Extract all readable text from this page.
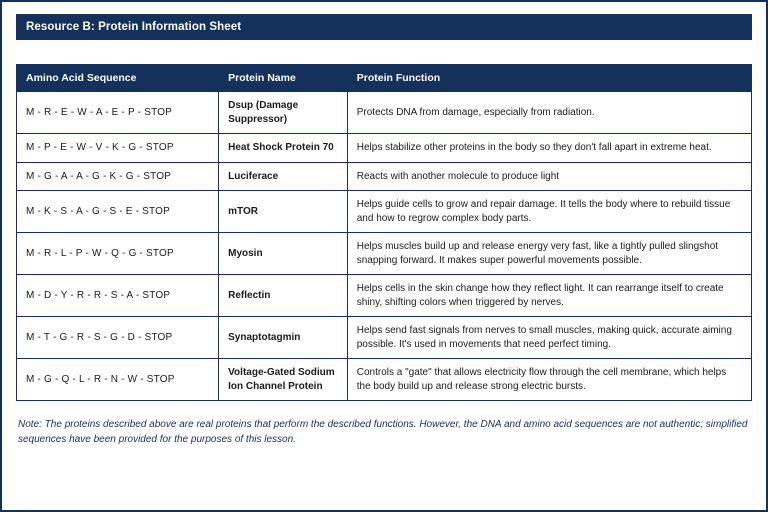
Resource B: Protein Information Sheet
Amino Acid Sequence	Protein Name	Protein Function
M - R - E - W - A - E - P - STOP	Dsup (Damage Suppressor)	Protects DNA from damage, especially from radiation.
M - P - E - W - V - K - G - STOP	Heat Shock Protein 70	Helps stabilize other proteins in the body so they don't fall apart in extreme heat.
M - G - A - A - G - K - G - STOP	Luciferace	Reacts with another molecule to produce light
M - K - S - A - G - S - E - STOP	mTOR	Helps guide cells to grow and repair damage. It tells the body where to rebuild tissue and how to regrow complex body parts.
M - R - L - P - W - Q - G - STOP	Myosin	Helps muscles build up and release energy very fast, like a tightly pulled slingshot snapping forward. It makes super powerful movements possible.
M - D - Y - R - R - S - A - STOP	Reflectin	Helps cells in the skin change how they reflect light. It can rearrange itself to create shiny, shifting colors when triggered by nerves.
M - T - G - R - S - G - D - STOP	Synaptotagmin	Helps send fast signals from nerves to small muscles, making quick, accurate aiming possible. It's used in movements that need perfect timing.
M - G - Q - L - R - N - W - STOP	Voltage-Gated Sodium Ion Channel Protein	Controls a "gate" that allows electricity flow through the cell membrane, which helps the body build up and release strong electric bursts.
Note: The proteins described above are real proteins that perform the described functions. However, the DNA and amino acid sequences are not authentic; simplified sequences have been provided for the purposes of this lesson.
